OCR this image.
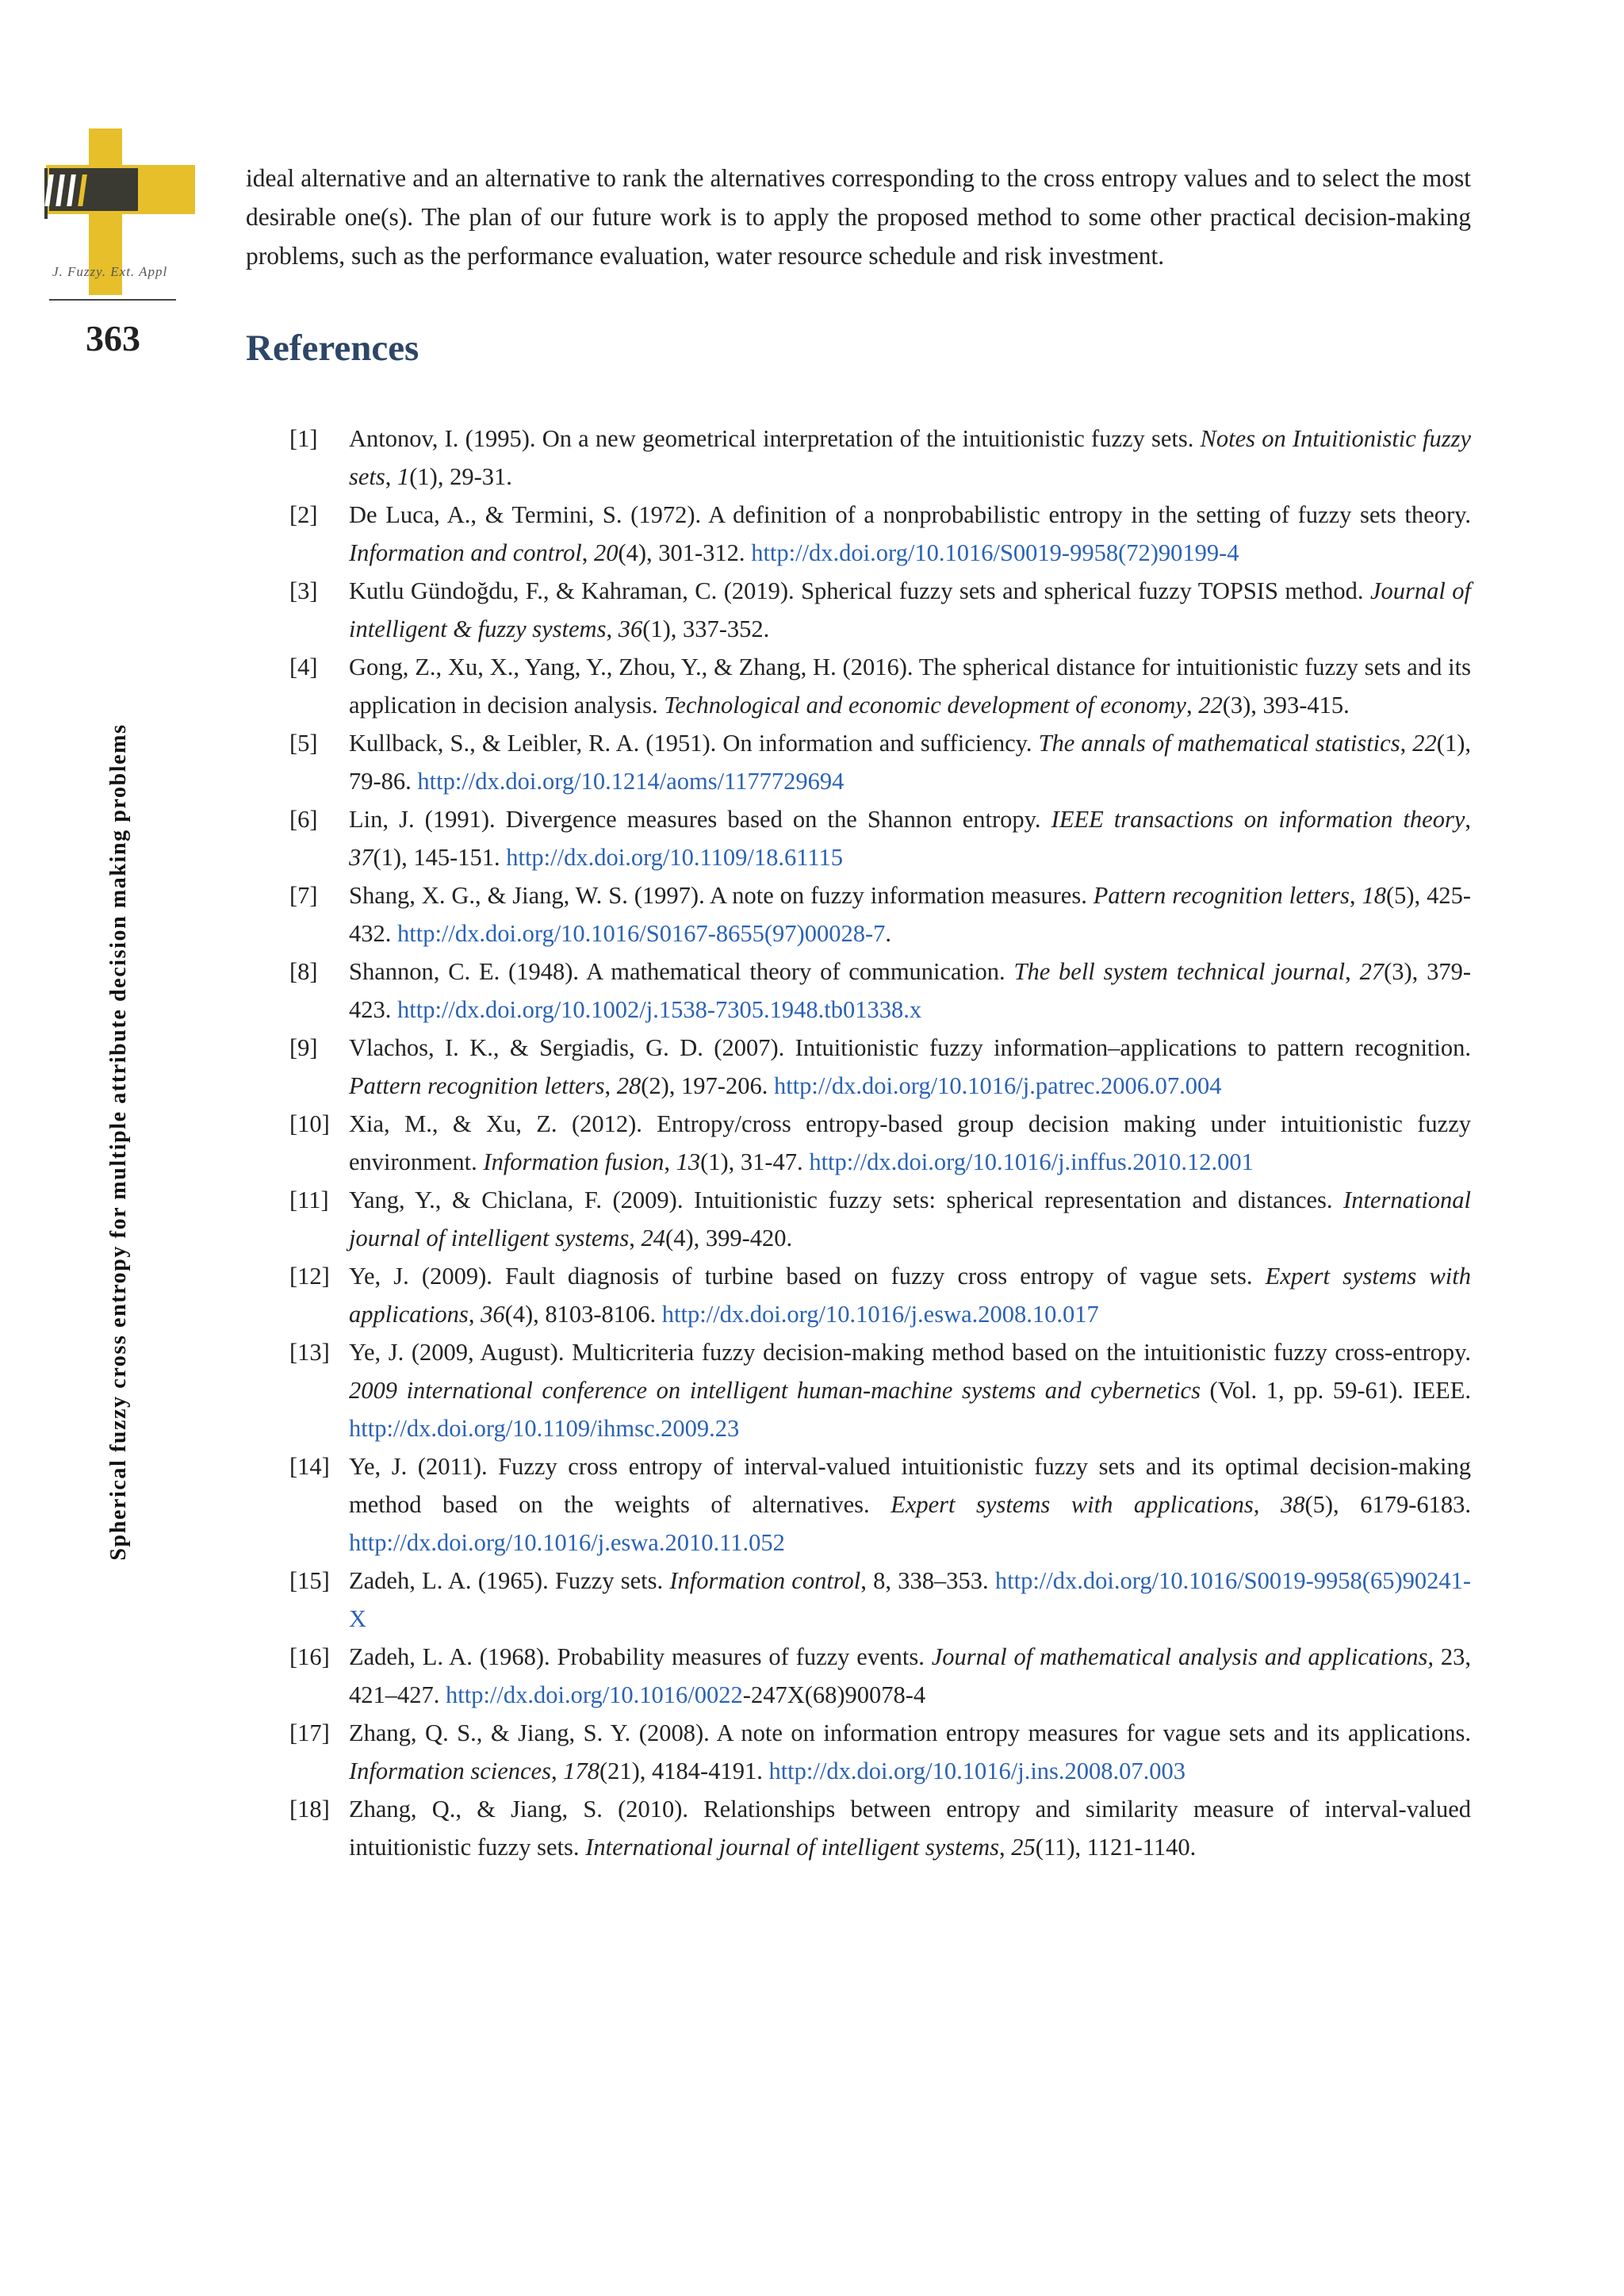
J. Fuzzy. Ext. Appl
363
Spherical fuzzy cross entropy for multiple attribute decision making problems

ideal alternative and an alternative to rank the alternatives corresponding to the cross entropy values and to select the most desirable one(s). The plan of our future work is to apply the proposed method to some other practical decision-making problems, such as the performance evaluation, water resource schedule and risk investment.

References
[1] Antonov, I. (1995). On a new geometrical interpretation of the intuitionistic fuzzy sets. Notes on Intuitionistic fuzzy sets, 1(1), 29-31.
[2] De Luca, A., & Termini, S. (1972). A definition of a nonprobabilistic entropy in the setting of fuzzy sets theory. Information and control, 20(4), 301-312. http://dx.doi.org/10.1016/S0019-9958(72)90199-4
[3] Kutlu Gündoğdu, F., & Kahraman, C. (2019). Spherical fuzzy sets and spherical fuzzy TOPSIS method. Journal of intelligent & fuzzy systems, 36(1), 337-352.
[4] Gong, Z., Xu, X., Yang, Y., Zhou, Y., & Zhang, H. (2016). The spherical distance for intuitionistic fuzzy sets and its application in decision analysis. Technological and economic development of economy, 22(3), 393-415.
[5] Kullback, S., & Leibler, R. A. (1951). On information and sufficiency. The annals of mathematical statistics, 22(1), 79-86. http://dx.doi.org/10.1214/aoms/1177729694
[6] Lin, J. (1991). Divergence measures based on the Shannon entropy. IEEE transactions on information theory, 37(1), 145-151. http://dx.doi.org/10.1109/18.61115
[7] Shang, X. G., & Jiang, W. S. (1997). A note on fuzzy information measures. Pattern recognition letters, 18(5), 425-432. http://dx.doi.org/10.1016/S0167-8655(97)00028-7.
[8] Shannon, C. E. (1948). A mathematical theory of communication. The bell system technical journal, 27(3), 379-423. http://dx.doi.org/10.1002/j.1538-7305.1948.tb01338.x
[9] Vlachos, I. K., & Sergiadis, G. D. (2007). Intuitionistic fuzzy information–applications to pattern recognition. Pattern recognition letters, 28(2), 197-206. http://dx.doi.org/10.1016/j.patrec.2006.07.004
[10] Xia, M., & Xu, Z. (2012). Entropy/cross entropy-based group decision making under intuitionistic fuzzy environment. Information fusion, 13(1), 31-47. http://dx.doi.org/10.1016/j.inffus.2010.12.001
[11] Yang, Y., & Chiclana, F. (2009). Intuitionistic fuzzy sets: spherical representation and distances. International journal of intelligent systems, 24(4), 399-420.
[12] Ye, J. (2009). Fault diagnosis of turbine based on fuzzy cross entropy of vague sets. Expert systems with applications, 36(4), 8103-8106. http://dx.doi.org/10.1016/j.eswa.2008.10.017
[13] Ye, J. (2009, August). Multicriteria fuzzy decision-making method based on the intuitionistic fuzzy cross-entropy. 2009 international conference on intelligent human-machine systems and cybernetics (Vol. 1, pp. 59-61). IEEE. http://dx.doi.org/10.1109/ihmsc.2009.23
[14] Ye, J. (2011). Fuzzy cross entropy of interval-valued intuitionistic fuzzy sets and its optimal decision-making method based on the weights of alternatives. Expert systems with applications, 38(5), 6179-6183. http://dx.doi.org/10.1016/j.eswa.2010.11.052
[15] Zadeh, L. A. (1965). Fuzzy sets. Information control, 8, 338–353. http://dx.doi.org/10.1016/S0019-9958(65)90241-X
[16] Zadeh, L. A. (1968). Probability measures of fuzzy events. Journal of mathematical analysis and applications, 23, 421–427. http://dx.doi.org/10.1016/0022-247X(68)90078-4
[17] Zhang, Q. S., & Jiang, S. Y. (2008). A note on information entropy measures for vague sets and its applications. Information sciences, 178(21), 4184-4191. http://dx.doi.org/10.1016/j.ins.2008.07.003
[18] Zhang, Q., & Jiang, S. (2010). Relationships between entropy and similarity measure of interval-valued intuitionistic fuzzy sets. International journal of intelligent systems, 25(11), 1121-1140.
